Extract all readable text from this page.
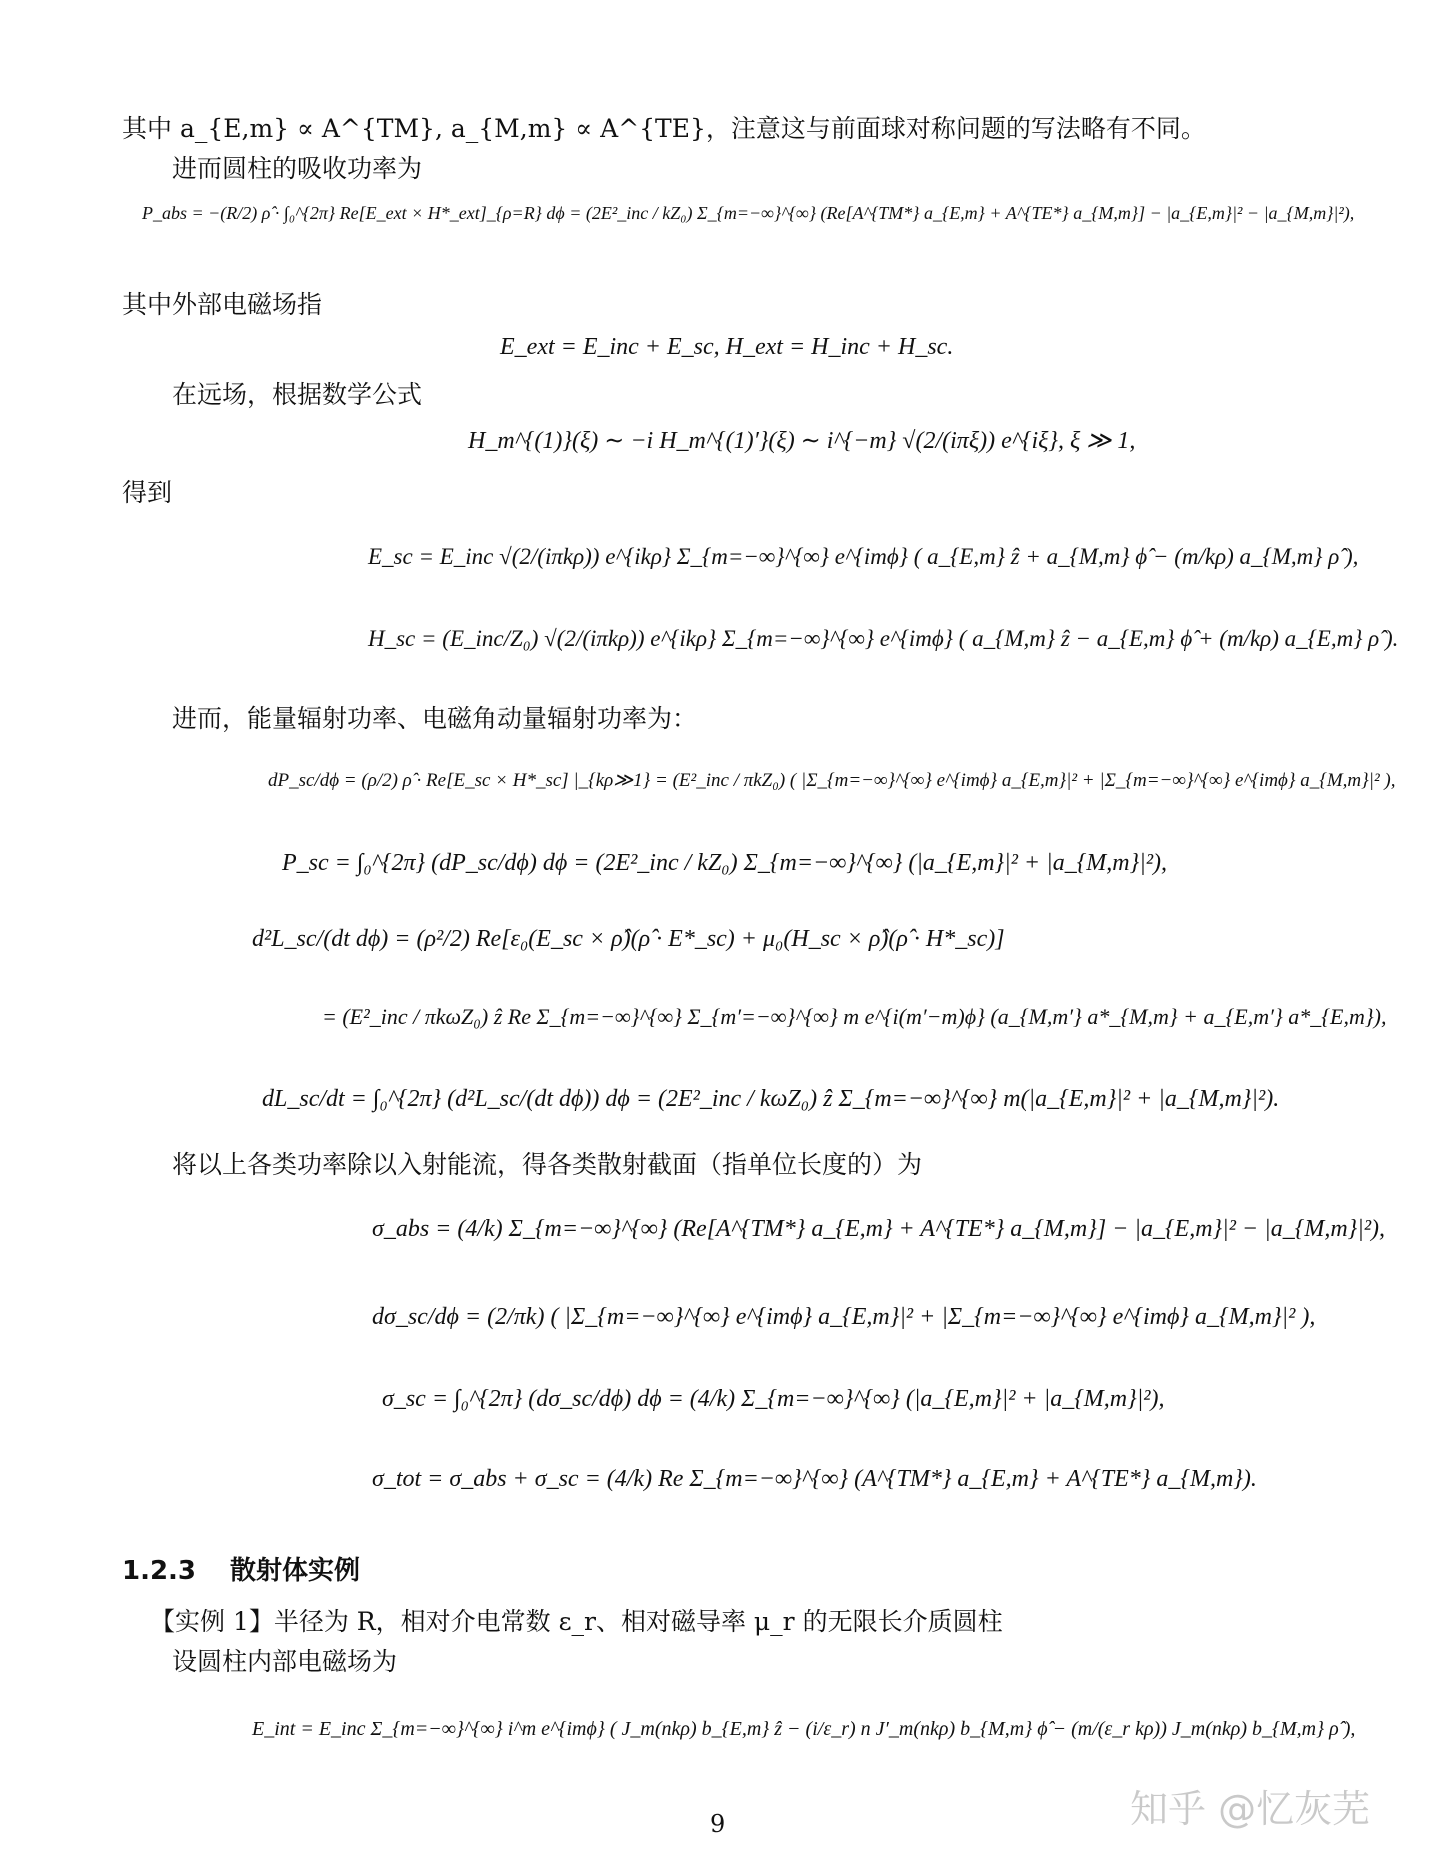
其中 a_{E,m} ∝ A^{TM}, a_{M,m} ∝ A^{TE}，注意这与前面球对称问题的写法略有不同。
进而圆柱的吸收功率为
P_abs = −(R/2) ρ̂ · ∫₀^{2π} Re[E_ext × H*_ext]_{ρ=R} dϕ = (2E²_inc / kZ₀) Σ_{m=−∞}^{∞} (Re[A^{TM*} a_{E,m} + A^{TE*} a_{M,m}] − |a_{E,m}|² − |a_{M,m}|²),
其中外部电磁场指
E_ext = E_inc + E_sc, H_ext = H_inc + H_sc.
在远场，根据数学公式
H_m^{(1)}(ξ) ∼ −i H_m^{(1)′}(ξ) ∼ i^{−m} √(2/(iπξ)) e^{iξ}, ξ ≫ 1,
得到
E_sc = E_inc √(2/(iπkρ)) e^{ikρ} Σ_{m=−∞}^{∞} e^{imϕ} ( a_{E,m} ẑ + a_{M,m} ϕ̂ − (m/kρ) a_{M,m} ρ̂ ),
H_sc = (E_inc/Z₀) √(2/(iπkρ)) e^{ikρ} Σ_{m=−∞}^{∞} e^{imϕ} ( a_{M,m} ẑ − a_{E,m} ϕ̂ + (m/kρ) a_{E,m} ρ̂ ).
进而，能量辐射功率、电磁角动量辐射功率为：
dP_sc/dϕ = (ρ/2) ρ̂ · Re[E_sc × H*_sc] |_{kρ≫1} = (E²_inc / πkZ₀) ( |Σ_{m=−∞}^{∞} e^{imϕ} a_{E,m}|² + |Σ_{m=−∞}^{∞} e^{imϕ} a_{M,m}|² ),
P_sc = ∫₀^{2π} (dP_sc/dϕ) dϕ = (2E²_inc / kZ₀) Σ_{m=−∞}^{∞} (|a_{E,m}|² + |a_{M,m}|²),
d²L_sc/(dt dϕ) = (ρ²/2) Re[ε₀(E_sc × ρ̂)(ρ̂ · E*_sc) + μ₀(H_sc × ρ̂)(ρ̂ · H*_sc)]
= (E²_inc / πkωZ₀) ẑ Re Σ_{m=−∞}^{∞} Σ_{m′=−∞}^{∞} m e^{i(m′−m)ϕ} (a_{M,m′} a*_{M,m} + a_{E,m′} a*_{E,m}),
dL_sc/dt = ∫₀^{2π} (d²L_sc/(dt dϕ)) dϕ = (2E²_inc / kωZ₀) ẑ Σ_{m=−∞}^{∞} m(|a_{E,m}|² + |a_{M,m}|²).
将以上各类功率除以入射能流，得各类散射截面（指单位长度的）为
σ_abs = (4/k) Σ_{m=−∞}^{∞} (Re[A^{TM*} a_{E,m} + A^{TE*} a_{M,m}] − |a_{E,m}|² − |a_{M,m}|²),
dσ_sc/dϕ = (2/πk) ( |Σ_{m=−∞}^{∞} e^{imϕ} a_{E,m}|² + |Σ_{m=−∞}^{∞} e^{imϕ} a_{M,m}|² ),
σ_sc = ∫₀^{2π} (dσ_sc/dϕ) dϕ = (4/k) Σ_{m=−∞}^{∞} (|a_{E,m}|² + |a_{M,m}|²),
σ_tot = σ_abs + σ_sc = (4/k) Re Σ_{m=−∞}^{∞} (A^{TM*} a_{E,m} + A^{TE*} a_{M,m}).
1.2.3 散射体实例
【实例 1】半径为 R，相对介电常数 ε_r、相对磁导率 μ_r 的无限长介质圆柱
设圆柱内部电磁场为
E_int = E_inc Σ_{m=−∞}^{∞} i^m e^{imϕ} ( J_m(nkρ) b_{E,m} ẑ − (i/ε_r) n J′_m(nkρ) b_{M,m} ϕ̂ − (m/(ε_r kρ)) J_m(nkρ) b_{M,m} ρ̂ ),
9	知乎 @忆灰芜
